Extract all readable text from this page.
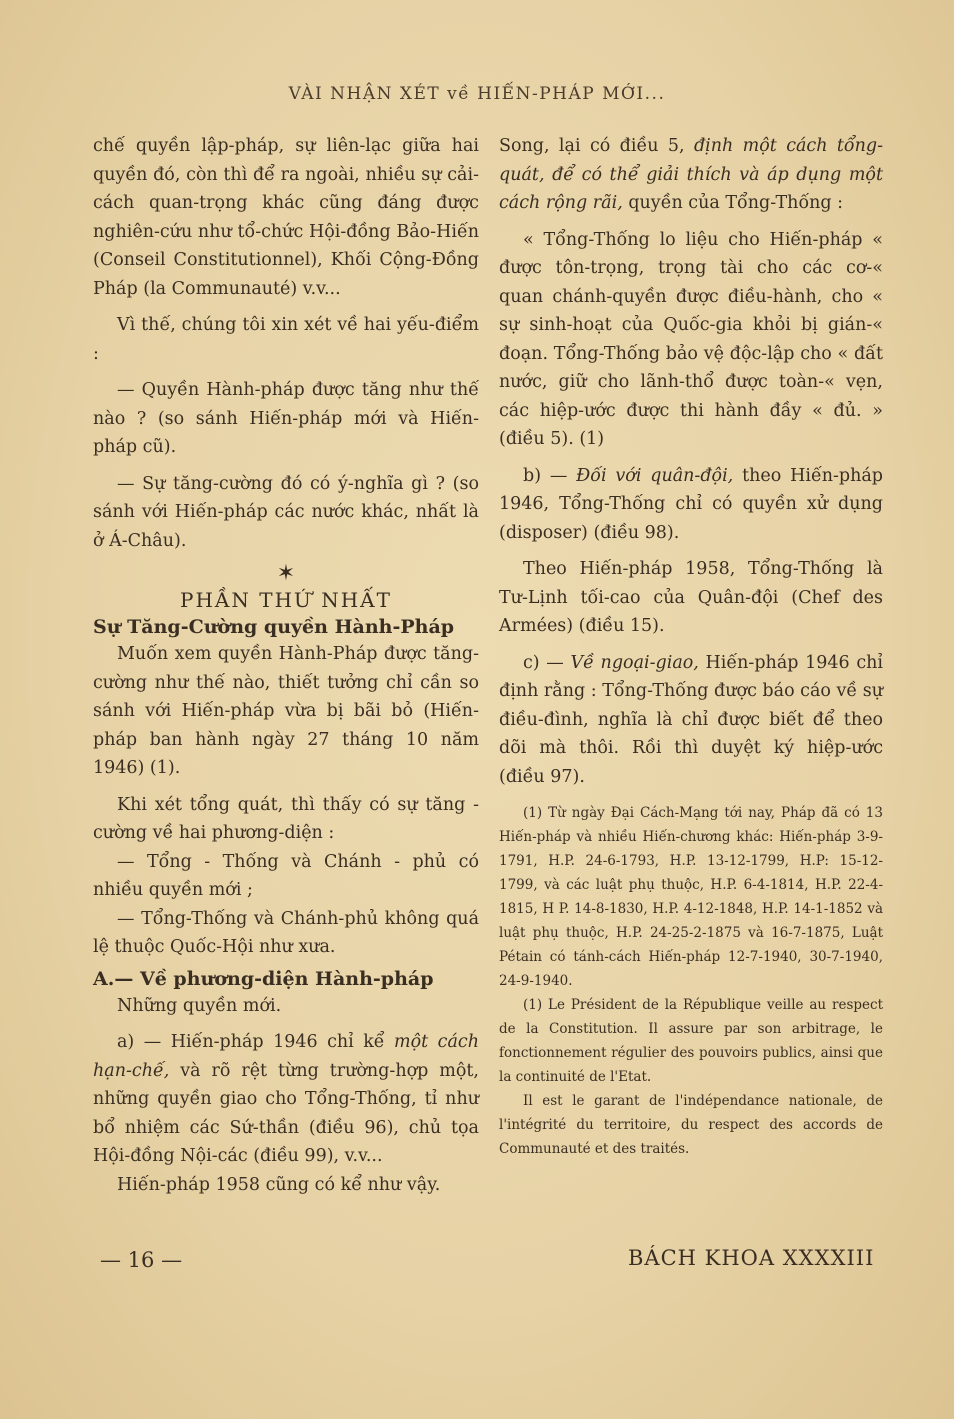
VÀI NHẬN XÉT về HIẾN-PHÁP MỚI...

chế quyền lập-pháp, sự liên-lạc giữa hai quyền đó, còn thì để ra ngoài, nhiều sự cải-cách quan-trọng khác cũng đáng được nghiên-cứu như tổ-chức Hội-đồng Bảo-Hiến (Conseil Constitutionnel), Khối Cộng-Đồng Pháp (la Communauté) v.v...

Vì thế, chúng tôi xin xét về hai yếu-điểm :

— Quyền Hành-pháp được tăng như thế nào ? (so sánh Hiến-pháp mới và Hiến-pháp cũ).

— Sự tăng-cường đó có ý-nghĩa gì ? (so sánh với Hiến-pháp các nước khác, nhất là ở Á-Châu).

✶
PHẦN THỨ NHẤT
Sự Tăng-Cường quyền Hành-Pháp

Muốn xem quyền Hành-Pháp được tăng-cường như thế nào, thiết tưởng chỉ cần so sánh với Hiến-pháp vừa bị bãi bỏ (Hiến-pháp ban hành ngày 27 tháng 10 năm 1946) (1).

Khi xét tổng quát, thì thấy có sự tăng - cường về hai phương-diện :

— Tổng - Thống và Chánh - phủ có nhiều quyền mới ;

— Tổng-Thống và Chánh-phủ không quá lệ thuộc Quốc-Hội như xưa.

A.— Về phương-diện Hành-pháp

Những quyền mới.

a) — Hiến-pháp 1946 chỉ kể một cách hạn-chế, và rõ rệt từng trường-hợp một, những quyền giao cho Tổng-Thống, tỉ như bổ nhiệm các Sứ-thần (điều 96), chủ tọa Hội-đồng Nội-các (điều 99), v.v...

Hiến-pháp 1958 cũng có kể như vậy.

Song, lại có điều 5, định một cách tổng-quát, để có thể giải thích và áp dụng một cách rộng rãi, quyền của Tổng-Thống :

« Tổng-Thống lo liệu cho Hiến-pháp « được tôn-trọng, trọng tài cho các cơ-« quan chánh-quyền được điều-hành, cho « sự sinh-hoạt của Quốc-gia khỏi bị gián-« đoạn. Tổng-Thống bảo vệ độc-lập cho « đất nước, giữ cho lãnh-thổ được toàn-« vẹn, các hiệp-ước được thi hành đầy « đủ. » (điều 5). (1)

b) — Đối với quân-đội, theo Hiến-pháp 1946, Tổng-Thống chỉ có quyền xử dụng (disposer) (điều 98).

Theo Hiến-pháp 1958, Tổng-Thống là Tư-Lịnh tối-cao của Quân-đội (Chef des Armées) (điều 15).

c) — Về ngoại-giao, Hiến-pháp 1946 chỉ định rằng : Tổng-Thống được báo cáo về sự điều-đình, nghĩa là chỉ được biết để theo dõi mà thôi. Rồi thì duyệt ký hiệp-ước (điều 97).

(1) Từ ngày Đại Cách-Mạng tới nay, Pháp đã có 13 Hiến-pháp và nhiều Hiến-chương khác: Hiến-pháp 3-9-1791, H.P. 24-6-1793, H.P. 13-12-1799, H.P: 15-12-1799, và các luật phụ thuộc, H.P. 6-4-1814, H.P. 22-4-1815, H P. 14-8-1830, H.P. 4-12-1848, H.P. 14-1-1852 và luật phụ thuộc, H.P. 24-25-2-1875 và 16-7-1875, Luật Pétain có tánh-cách Hiến-pháp 12-7-1940, 30-7-1940, 24-9-1940.

(1) Le Président de la République veille au respect de la Constitution. Il assure par son arbitrage, le fonctionnement régulier des pouvoirs publics, ainsi que la continuité de l'Etat.

Il est le garant de l'indépendance nationale, de l'intégrité du territoire, du respect des accords de Communauté et des traités.

— 16 —	BÁCH KHOA XXXXIII
